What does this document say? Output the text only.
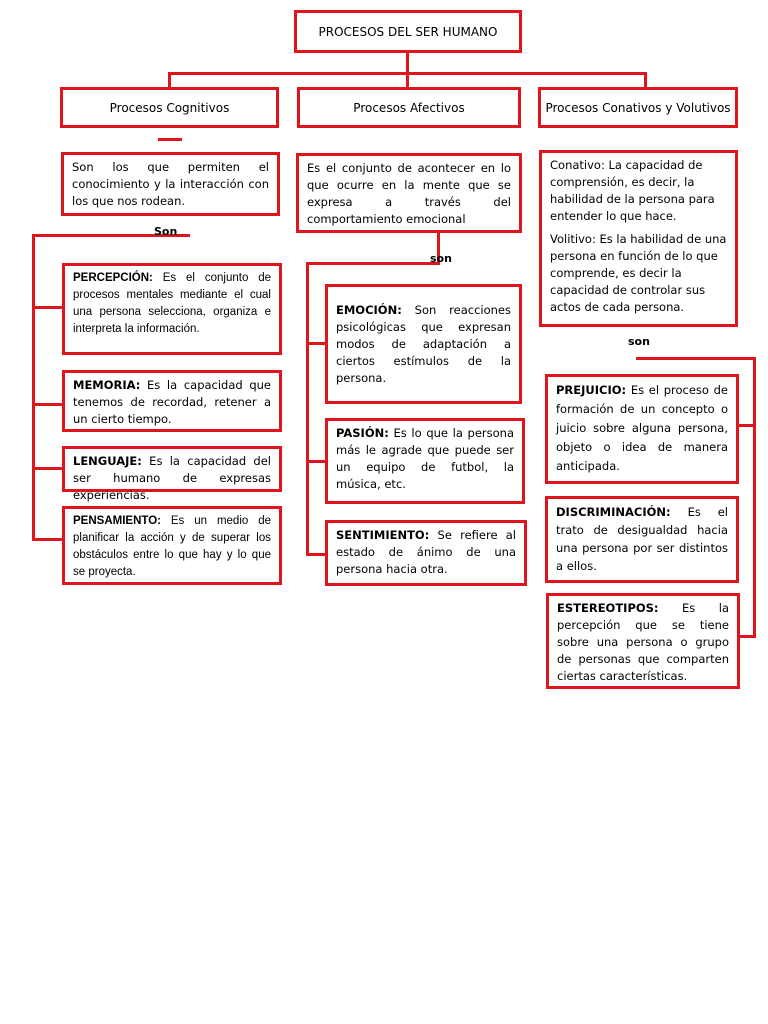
PROCESOS DEL SER HUMANO
Procesos Cognitivos	Procesos Afectivos	Procesos Conativos y Volutivos
Son los que permiten el conocimiento y la interacción con los que nos rodean.
Es el conjunto de acontecer en lo que ocurre en la mente que se expresa a través del comportamiento emocional

Conativo: La capacidad de comprensión, es decir, la habilidad de la persona para entender lo que hace.

Volitivo: Es la habilidad de una persona en función de lo que comprende, es decir la capacidad de controlar sus actos de cada persona.

Son
son
son
PERCEPCIÓN: Es el conjunto de procesos mentales mediante el cual una persona selecciona, organiza e interpreta la información.
MEMORIA: Es la capacidad que tenemos de recordad, retener a un cierto tiempo.
LENGUAJE: Es la capacidad del ser humano de expresas experiencias.
PENSAMIENTO: Es un medio de planificar la acción y de superar los obstáculos entre lo que hay y lo que se proyecta.
EMOCIÓN: Son reacciones psicológicas que expresan modos de adaptación a ciertos estímulos de la persona.
PASIÓN: Es lo que la persona más le agrade que puede ser un equipo de futbol, la música, etc.
SENTIMIENTO: Se refiere al estado de ánimo de una persona hacia otra.
PREJUICIO: Es el proceso de formación de un concepto o juicio sobre alguna persona, objeto o idea de manera anticipada.
DISCRIMINACIÓN: Es el trato de desigualdad hacia una persona por ser distintos a ellos.
ESTEREOTIPOS: Es la percepción que se tiene sobre una persona o grupo de personas que comparten ciertas características.
